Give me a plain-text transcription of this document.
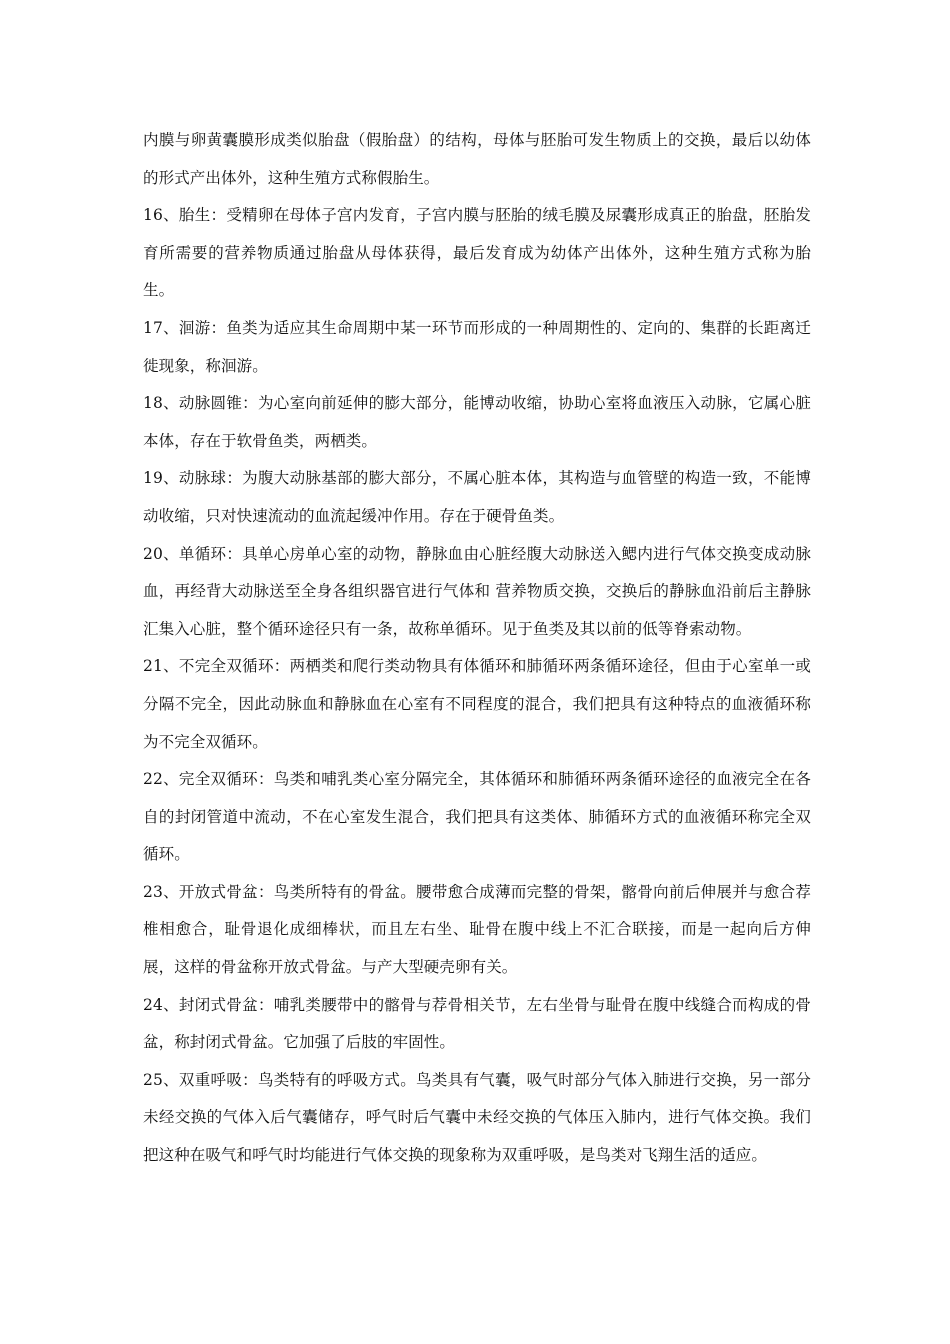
内膜与卵黄囊膜形成类似胎盘（假胎盘）的结构，母体与胚胎可发生物质上的交换，最后以幼体的形式产出体外，这种生殖方式称假胎生。

16、胎生：受精卵在母体子宫内发育，子宫内膜与胚胎的绒毛膜及尿囊形成真正的胎盘，胚胎发育所需要的营养物质通过胎盘从母体获得，最后发育成为幼体产出体外，这种生殖方式称为胎生。

17、洄游：鱼类为适应其生命周期中某一环节而形成的一种周期性的、定向的、集群的长距离迁徙现象，称洄游。

18、动脉圆锥：为心室向前延伸的膨大部分，能博动收缩，协助心室将血液压入动脉，它属心脏本体，存在于软骨鱼类，两栖类。

19、动脉球：为腹大动脉基部的膨大部分，不属心脏本体，其构造与血管壁的构造一致，不能博动收缩，只对快速流动的血流起缓冲作用。存在于硬骨鱼类。

20、单循环：具单心房单心室的动物，静脉血由心脏经腹大动脉送入鳃内进行气体交换变成动脉血，再经背大动脉送至全身各组织器官进行气体和 营养物质交换，交换后的静脉血沿前后主静脉汇集入心脏，整个循环途径只有一条，故称单循环。见于鱼类及其以前的低等脊索动物。

21、不完全双循环：两栖类和爬行类动物具有体循环和肺循环两条循环途径，但由于心室单一或分隔不完全，因此动脉血和静脉血在心室有不同程度的混合，我们把具有这种特点的血液循环称为不完全双循环。

22、完全双循环：鸟类和哺乳类心室分隔完全，其体循环和肺循环两条循环途径的血液完全在各自的封闭管道中流动，不在心室发生混合，我们把具有这类体、肺循环方式的血液循环称完全双循环。

23、开放式骨盆：鸟类所特有的骨盆。腰带愈合成薄而完整的骨架，髂骨向前后伸展并与愈合荐椎相愈合，耻骨退化成细棒状，而且左右坐、耻骨在腹中线上不汇合联接，而是一起向后方伸展，这样的骨盆称开放式骨盆。与产大型硬壳卵有关。

24、封闭式骨盆：哺乳类腰带中的髂骨与荐骨相关节，左右坐骨与耻骨在腹中线缝合而构成的骨盆，称封闭式骨盆。它加强了后肢的牢固性。

25、双重呼吸：鸟类特有的呼吸方式。鸟类具有气囊，吸气时部分气体入肺进行交换，另一部分未经交换的气体入后气囊储存，呼气时后气囊中未经交换的气体压入肺内，进行气体交换。我们把这种在吸气和呼气时均能进行气体交换的现象称为双重呼吸，是鸟类对飞翔生活的适应。
